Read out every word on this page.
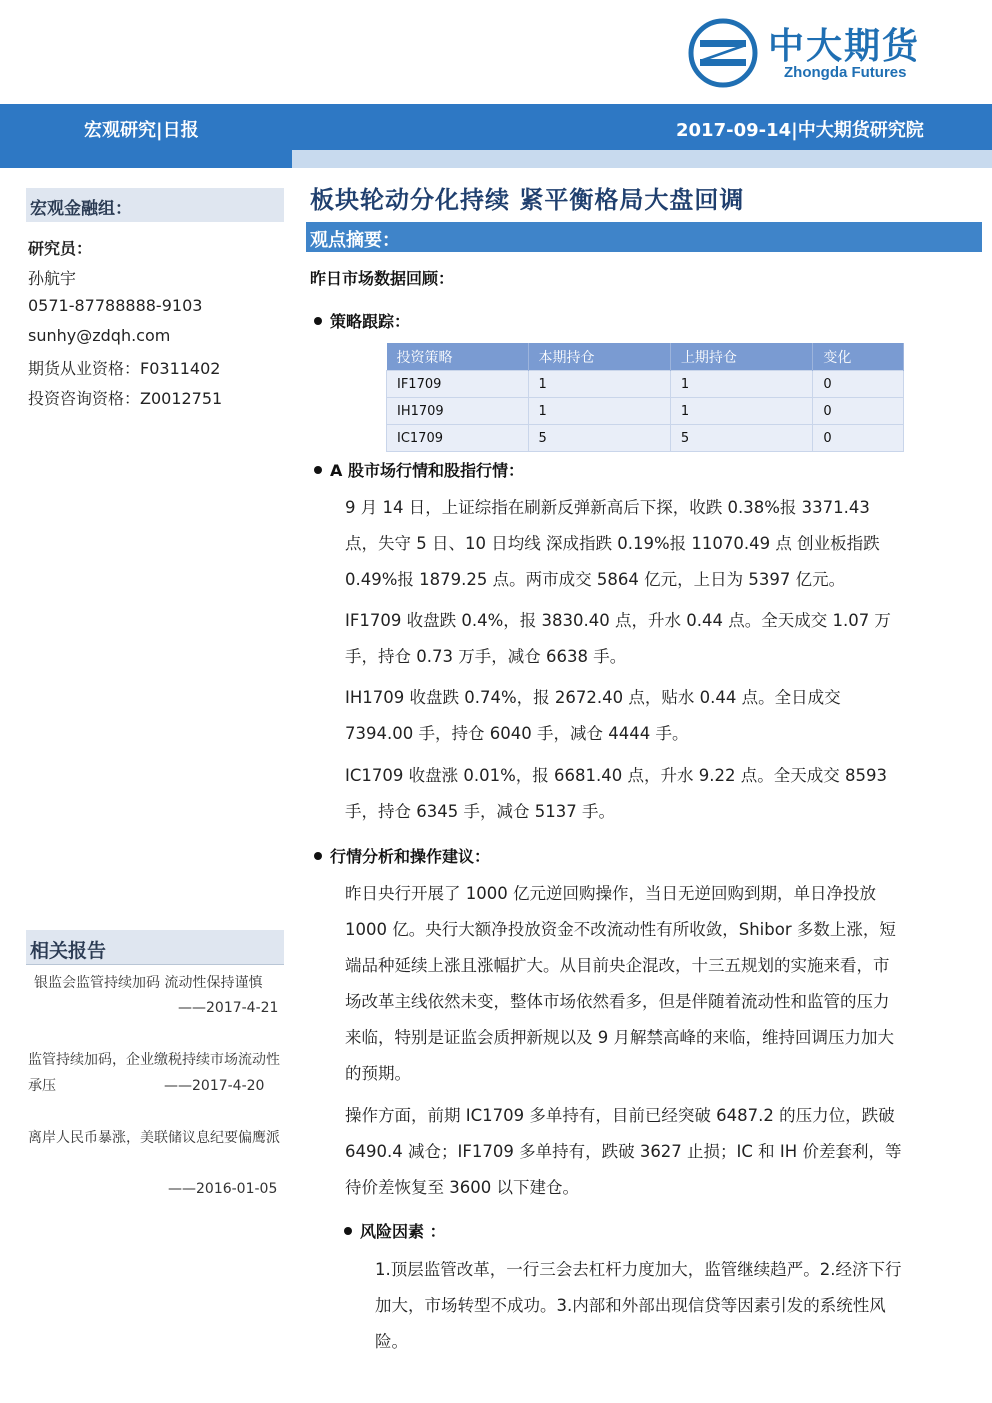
中大期货
Zhongda Futures
宏观研究|日报	2017-09-14|中大期货研究院
宏观金融组：
研究员：
孙航宇
0571-87788888-9103
sunhy@zdqh.com
期货从业资格：F0311402
投资咨询资格：Z0012751
相关报告
银监会监管持续加码 流动性保持谨慎
——2017-4-21
监管持续加码，企业缴税持续市场流动性承压	——2017-4-20
离岸人民币暴涨，美联储议息纪要偏鹰派
——2016-01-05
板块轮动分化持续 紧平衡格局大盘回调
观点摘要：
昨日市场数据回顾：
策略跟踪：
投资策略	本期持仓	上期持仓	变化
IF1709	1	1	0
IH1709	1	1	0
IC1709	5	5	0
A 股市场行情和股指行情：
9 月 14 日，上证综指在刷新反弹新高后下探，收跌 0.38%报 3371.43 点，失守 5 日、10 日均线 深成指跌 0.19%报 11070.49 点 创业板指跌 0.49%报 1879.25 点。两市成交 5864 亿元，上日为 5397 亿元。
IF1709 收盘跌 0.4%，报 3830.40 点，升水 0.44 点。全天成交 1.07 万手，持仓 0.73 万手，减仓 6638 手。
IH1709 收盘跌 0.74%，报 2672.40 点，贴水 0.44 点。全日成交 7394.00 手，持仓 6040 手，减仓 4444 手。
IC1709 收盘涨 0.01%，报 6681.40 点，升水 9.22 点。全天成交 8593 手，持仓 6345 手，减仓 5137 手。
行情分析和操作建议：
昨日央行开展了 1000 亿元逆回购操作，当日无逆回购到期，单日净投放 1000 亿。央行大额净投放资金不改流动性有所收敛，Shibor 多数上涨，短端品种延续上涨且涨幅扩大。从目前央企混改，十三五规划的实施来看，市场改革主线依然未变，整体市场依然看多，但是伴随着流动性和监管的压力来临，特别是证监会质押新规以及 9 月解禁高峰的来临，维持回调压力加大的预期。
操作方面，前期 IC1709 多单持有，目前已经突破 6487.2 的压力位，跌破 6490.4 减仓；IF1709 多单持有，跌破 3627 止损；IC 和 IH 价差套利，等待价差恢复至 3600 以下建仓。
风险因素 ：
1.顶层监管改革，一行三会去杠杆力度加大，监管继续趋严。2.经济下行加大，市场转型不成功。3.内部和外部出现信贷等因素引发的系统性风险。
